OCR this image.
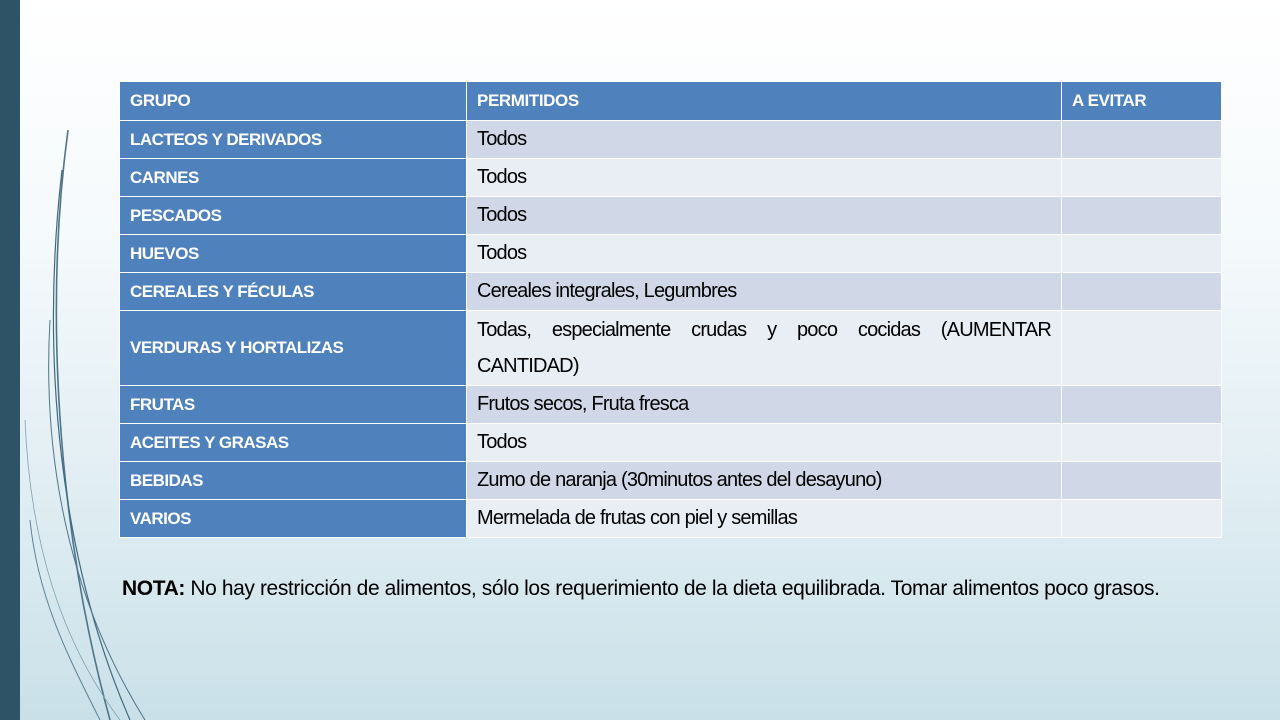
GRUPO	PERMITIDOS	A EVITAR
LACTEOS Y DERIVADOS	Todos	
CARNES	Todos	
PESCADOS	Todos	
HUEVOS	Todos	
CEREALES Y FÉCULAS	Cereales integrales, Legumbres	
VERDURAS Y HORTALIZAS	Todas, especialmente crudas y poco cocidas (AUMENTAR CANTIDAD)	
FRUTAS	Frutos secos, Fruta fresca	
ACEITES Y GRASAS	Todos	
BEBIDAS	Zumo de naranja (30minutos antes del desayuno)	
VARIOS	Mermelada de frutas con piel y semillas	
NOTA: No hay restricción de alimentos, sólo los requerimiento de la dieta equilibrada. Tomar alimentos poco grasos.
